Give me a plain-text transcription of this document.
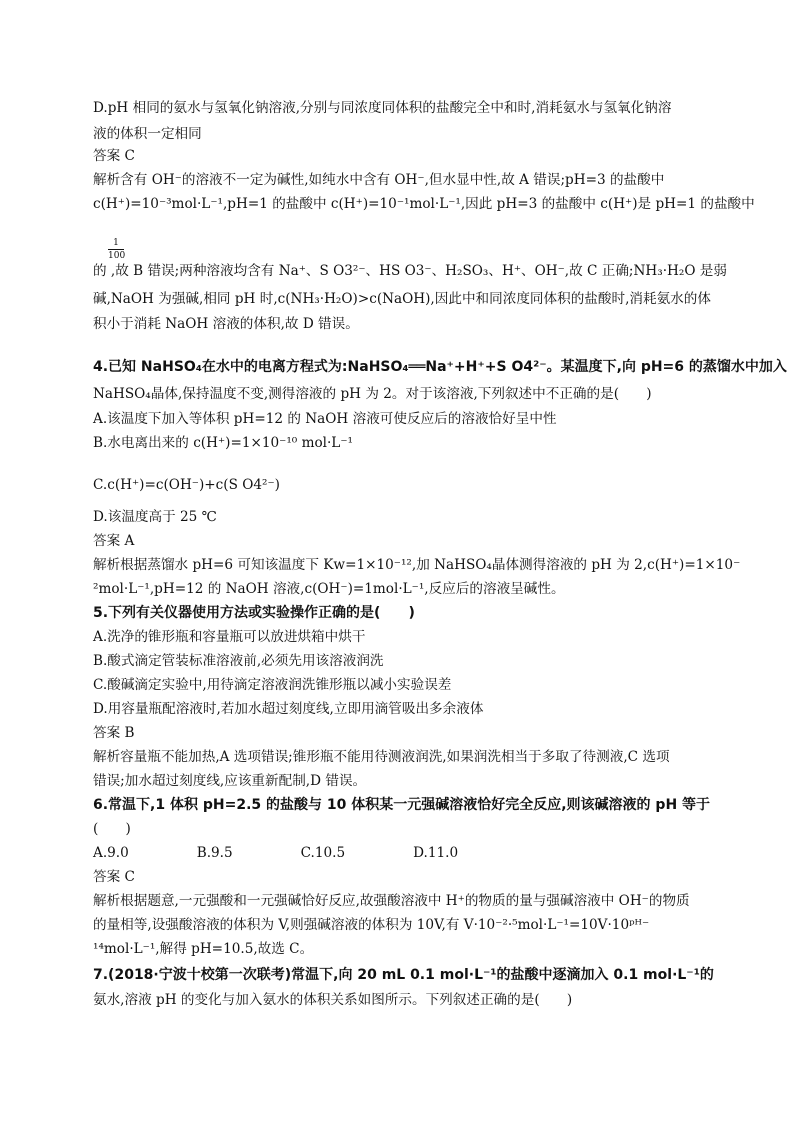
D.pH 相同的氨水与氢氧化钠溶液,分别与同浓度同体积的盐酸完全中和时,消耗氨水与氢氧化钠溶
液的体积一定相同
答案 C
解析含有 OH⁻的溶液不一定为碱性,如纯水中含有 OH⁻,但水显中性,故 A 错误;pH=3 的盐酸中
c(H⁺)=10⁻³mol·L⁻¹,pH=1 的盐酸中 c(H⁺)=10⁻¹mol·L⁻¹,因此 pH=3 的盐酸中 c(H⁺)是 pH=1 的盐酸中
1
100
的 ,故 B 错误;两种溶液均含有 Na⁺、S O3²⁻、HS O3⁻、H₂SO₃、H⁺、OH⁻,故 C 正确;NH₃·H₂O 是弱
碱,NaOH 为强碱,相同 pH 时,c(NH₃·H₂O)>c(NaOH),因此中和同浓度同体积的盐酸时,消耗氨水的体
积小于消耗 NaOH 溶液的体积,故 D 错误。
4.已知 NaHSO₄在水中的电离方程式为:NaHSO₄══Na⁺+H⁺+S O4²⁻。某温度下,向 pH=6 的蒸馏水中加入
NaHSO₄晶体,保持温度不变,测得溶液的 pH 为 2。对于该溶液,下列叙述中不正确的是(　　)
A.该温度下加入等体积 pH=12 的 NaOH 溶液可使反应后的溶液恰好呈中性
B.水电离出来的 c(H⁺)=1×10⁻¹⁰ mol·L⁻¹
C.c(H⁺)=c(OH⁻)+c(S O4²⁻)
D.该温度高于 25 ℃
答案 A
解析根据蒸馏水 pH=6 可知该温度下 Kw=1×10⁻¹²,加 NaHSO₄晶体测得溶液的 pH 为 2,c(H⁺)=1×10⁻
²mol·L⁻¹,pH=12 的 NaOH 溶液,c(OH⁻)=1mol·L⁻¹,反应后的溶液呈碱性。
5.下列有关仪器使用方法或实验操作正确的是(　　)
A.洗净的锥形瓶和容量瓶可以放进烘箱中烘干
B.酸式滴定管装标准溶液前,必须先用该溶液润洗
C.酸碱滴定实验中,用待滴定溶液润洗锥形瓶以减小实验误差
D.用容量瓶配溶液时,若加水超过刻度线,立即用滴管吸出多余液体
答案 B
解析容量瓶不能加热,A 选项错误;锥形瓶不能用待测液润洗,如果润洗相当于多取了待测液,C 选项
错误;加水超过刻度线,应该重新配制,D 错误。
6.常温下,1 体积 pH=2.5 的盐酸与 10 体积某一元强碱溶液恰好完全反应,则该碱溶液的 pH 等于
(　　)
A.9.0　　　　　B.9.5　　　　　C.10.5　　　　　D.11.0
答案 C
解析根据题意,一元强酸和一元强碱恰好反应,故强酸溶液中 H⁺的物质的量与强碱溶液中 OH⁻的物质
的量相等,设强酸溶液的体积为 V,则强碱溶液的体积为 10V,有 V·10⁻²·⁵mol·L⁻¹=10V·10ᵖᴴ⁻
¹⁴mol·L⁻¹,解得 pH=10.5,故选 C。
7.(2018·宁波十校第一次联考)常温下,向 20 mL 0.1 mol·L⁻¹的盐酸中逐滴加入 0.1 mol·L⁻¹的
氨水,溶液 pH 的变化与加入氨水的体积关系如图所示。下列叙述正确的是(　　)
